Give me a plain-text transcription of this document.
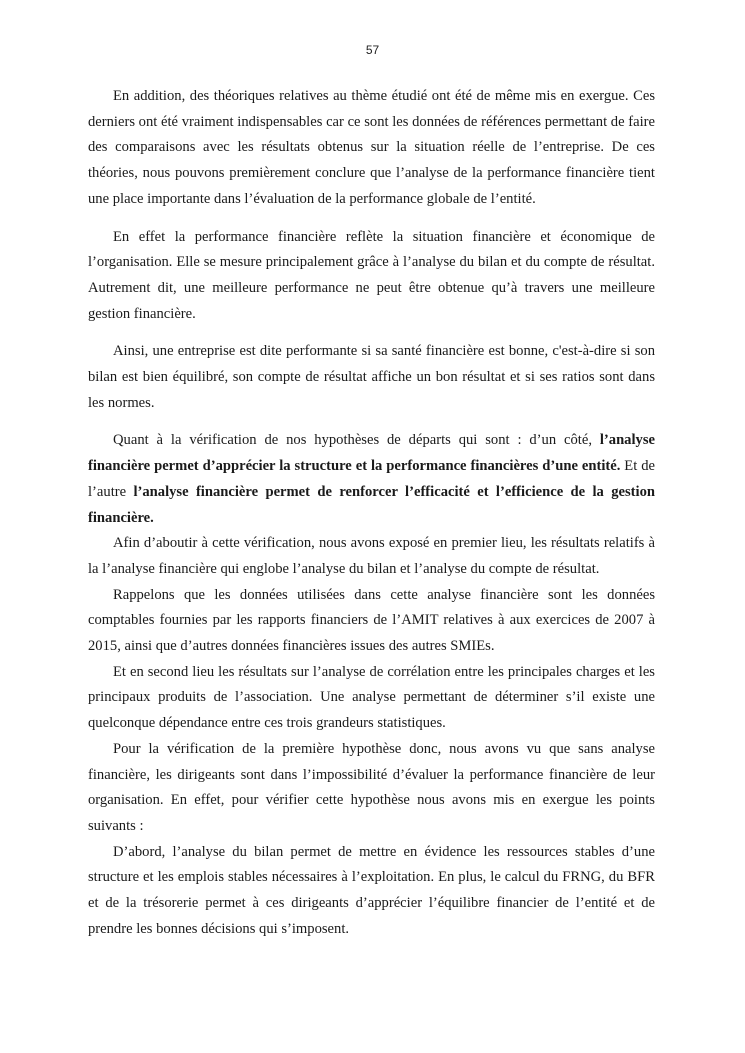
57

En addition, des théoriques relatives au thème étudié ont été de même mis en exergue. Ces derniers ont été vraiment indispensables car ce sont les données de références permettant de faire des comparaisons avec les résultats obtenus sur la situation réelle de l’entreprise. De ces théories, nous pouvons premièrement conclure que l’analyse de la performance financière tient une place importante dans l’évaluation de la performance globale de l’entité.

En effet la performance financière reflète la situation financière et économique de l’organisation. Elle se mesure principalement grâce à l’analyse du bilan et du compte de résultat. Autrement dit, une meilleure performance ne peut être obtenue qu’à travers une meilleure gestion financière.

Ainsi, une entreprise est dite performante si sa santé financière est bonne, c'est-à-dire si son bilan est bien équilibré, son compte de résultat affiche un bon résultat et si ses ratios sont dans les normes.

Quant à la vérification de nos hypothèses de départs qui sont : d’un côté, l’analyse financière permet d’apprécier la structure et la performance financières d’une entité. Et de l’autre l’analyse financière permet de renforcer l’efficacité et l’efficience de la gestion financière.

Afin d’aboutir à cette vérification, nous avons exposé en premier lieu, les résultats relatifs à la l’analyse financière qui englobe l’analyse du bilan et l’analyse du compte de résultat.

Rappelons que les données utilisées dans cette analyse financière sont les données comptables fournies par les rapports financiers de l’AMIT relatives à aux exercices de 2007 à 2015, ainsi que d’autres données financières issues des autres SMIEs.

Et en second lieu les résultats sur l’analyse de corrélation entre les principales charges et les principaux produits de l’association. Une analyse permettant de déterminer s’il existe une quelconque dépendance entre ces trois grandeurs statistiques.

Pour la vérification de la première hypothèse donc, nous avons vu que sans analyse financière, les dirigeants sont dans l’impossibilité d’évaluer la performance financière de leur organisation. En effet, pour vérifier cette hypothèse nous avons mis en exergue les points suivants :

D’abord, l’analyse du bilan permet de mettre en évidence les ressources stables d’une structure et les emplois stables nécessaires à l’exploitation. En plus, le calcul du FRNG, du BFR et de la trésorerie permet à ces dirigeants d’apprécier l’équilibre financier de l’entité et de prendre les bonnes décisions qui s’imposent.
